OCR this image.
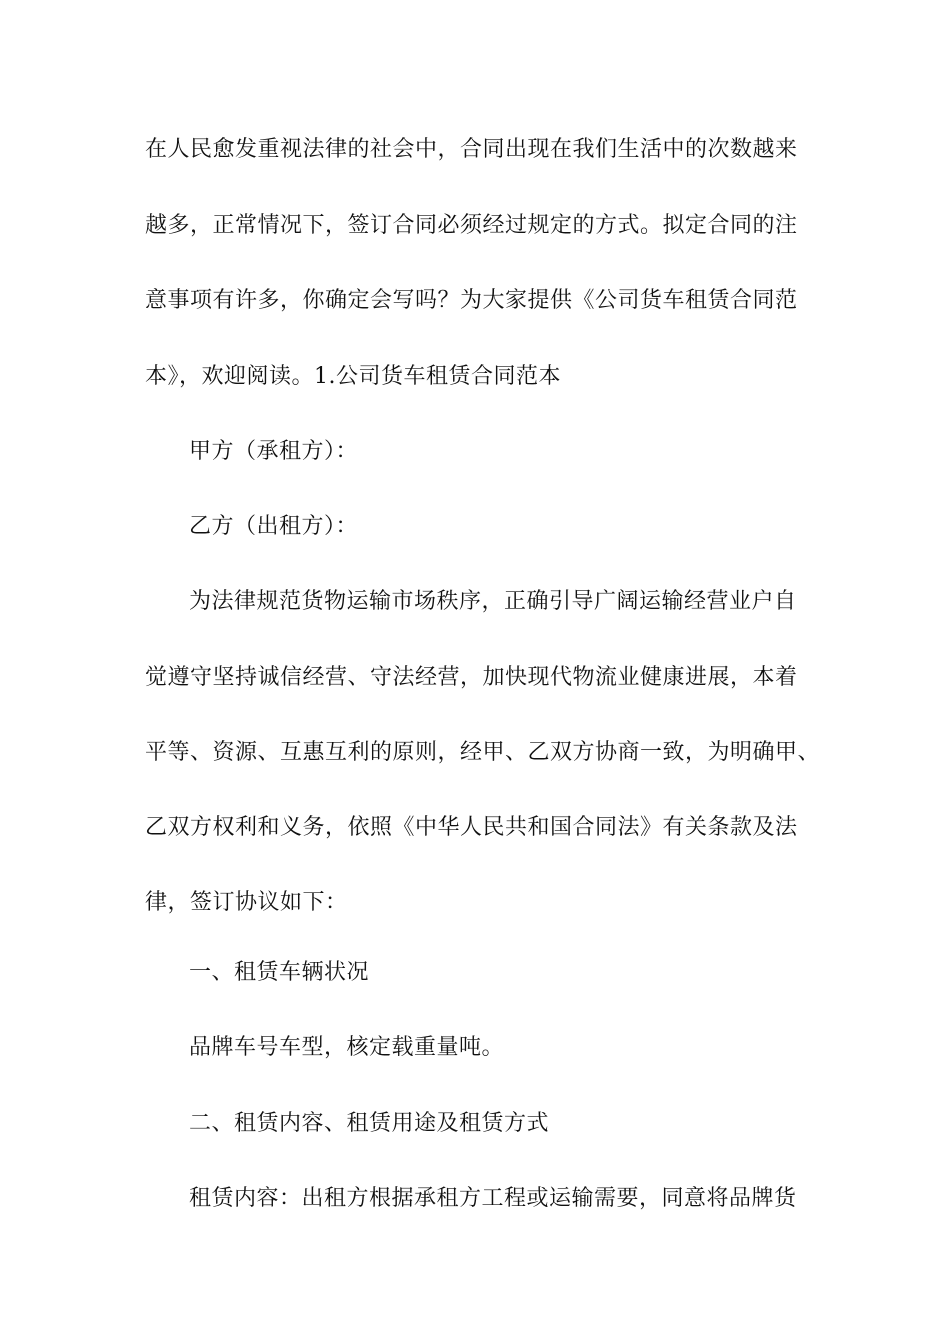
在人民愈发重视法律的社会中，合同出现在我们生活中的次数越来
越多，正常情况下，签订合同必须经过规定的方式。拟定合同的注
意事项有许多，你确定会写吗？为大家提供《公司货车租赁合同范
本》，欢迎阅读。1.公司货车租赁合同范本
甲方（承租方）：
乙方（出租方）：
为法律规范货物运输市场秩序，正确引导广阔运输经营业户自
觉遵守坚持诚信经营、守法经营，加快现代物流业健康进展，本着
平等、资源、互惠互利的原则，经甲、乙双方协商一致，为明确甲、
乙双方权利和义务，依照《中华人民共和国合同法》有关条款及法
律，签订协议如下：
一、租赁车辆状况
品牌车号车型，核定载重量吨。
二、租赁内容、租赁用途及租赁方式
租赁内容：出租方根据承租方工程或运输需要，同意将品牌货
